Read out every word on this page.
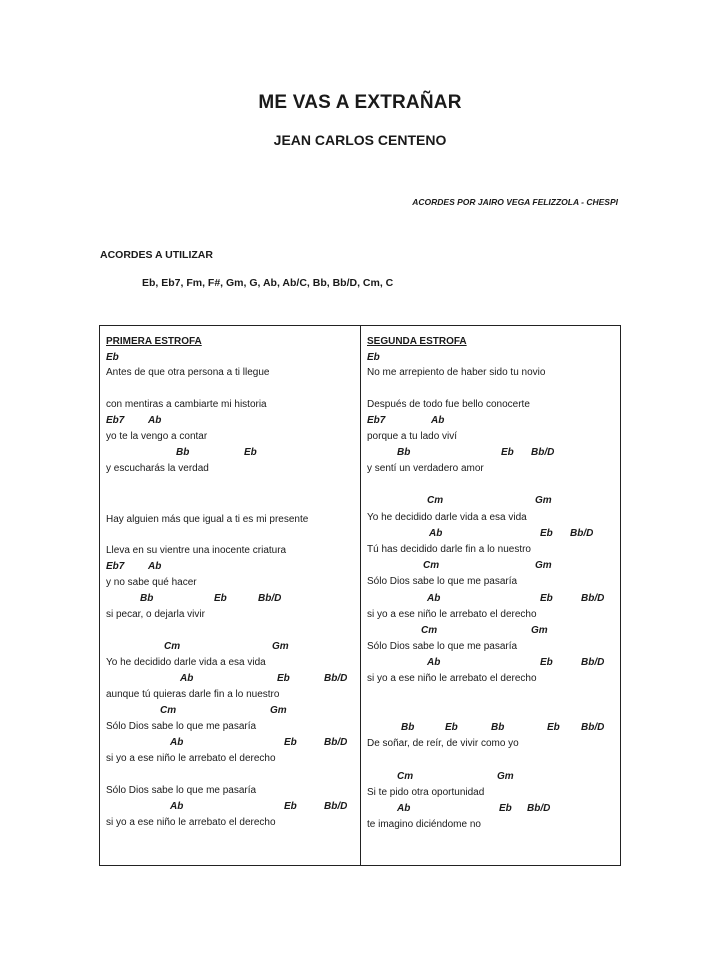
ME VAS A EXTRAÑAR
JEAN CARLOS CENTENO
ACORDES POR JAIRO VEGA FELIZZOLA - CHESPI
ACORDES A UTILIZAR
Eb, Eb7, Fm, F#, Gm, G, Ab, Ab/C, Bb, Bb/D, Cm, C
PRIMERA ESTROFA
Eb
Antes de que otra persona a ti llegue
con mentiras a cambiarte mi historia
Eb7 Ab
yo te la vengo a contar
Bb	Eb
y escucharás la verdad
Hay alguien más que igual a ti es mi presente
Lleva en su vientre una inocente criatura
Eb7 Ab
y no sabe qué hacer
Bb	Eb	Bb/D
si pecar, o dejarla vivir
Cm	Gm
Yo he decidido darle vida a esa vida
Ab	Eb	Bb/D
aunque tú quieras darle fin a lo nuestro
Cm	Gm
Sólo Dios sabe lo que me pasaría
Ab	Eb	Bb/D
si yo a ese niño le arrebato el derecho
Sólo Dios sabe lo que me pasaría
Ab	Eb	Bb/D
si yo a ese niño le arrebato el derecho
SEGUNDA ESTROFA
Eb
No me arrepiento de haber sido tu novio
Después de todo fue bello conocerte
Eb7	Ab
porque a tu lado viví
Bb	Eb Bb/D
y sentí un verdadero amor
Cm	Gm
Yo he decidido darle vida a esa vida
Ab	Eb Bb/D
Tú has decidido darle fin a lo nuestro
Cm	Gm
Sólo Dios sabe lo que me pasaría
Ab	Eb	Bb/D
si yo a ese niño le arrebato el derecho
Cm	Gm
Sólo Dios sabe lo que me pasaría
Ab	Eb	Bb/D
si yo a ese niño le arrebato el derecho
Bb	Eb	Bb	Eb Bb/D
De soñar, de reír, de vivir como yo
Cm	Gm
Si te pido otra oportunidad
Ab	Eb Bb/D
te imagino diciéndome no
